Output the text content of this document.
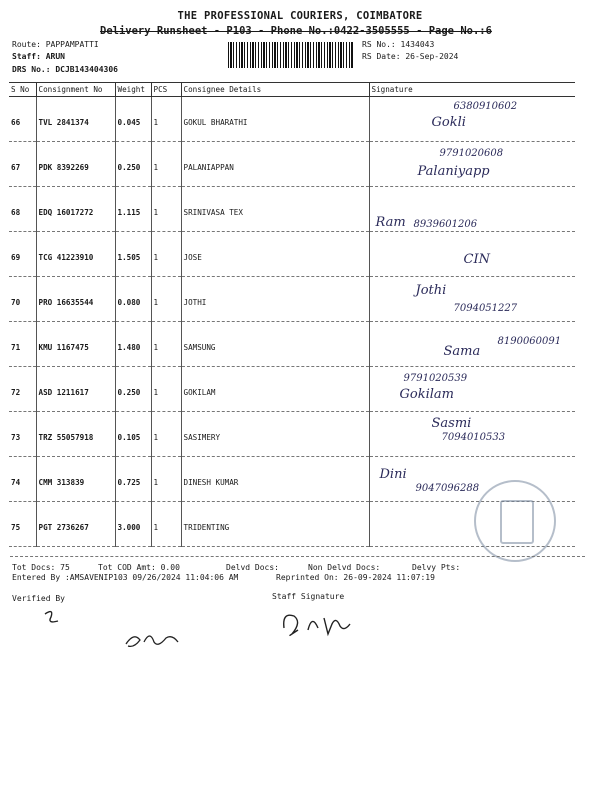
THE PROFESSIONAL COURIERS, COIMBATORE
Delivery Runsheet - P103 - Phone No.:0422-3505555 - Page No.:6
Route: PAPPAMPATTI
Staff: ARUN
DRS No.: DCJB143404306
RS No.: 1434043
RS Date: 26-Sep-2024
S No	Consignment No	Weight	PCS	Consignee Details	Signature
66	TVL 2841374	0.045	1	GOKUL BHARATHI	Gokli
6380910602

67	PDK 8392269	0.250	1	PALANIAPPAN	Palaniyapp
9791020608

68	EDQ 16017272	1.115	1	SRINIVASA TEX	Ram 8939601206

69	TCG 41223910	1.505	1	JOSE	CIN

70	PRO 16635544	0.080	1	JOTHI	Jothi
7094051227

71	KMU 1167475	1.480	1	SAMSUNG	Sama
8190060091

72	ASD 1211617	0.250	1	GOKILAM	Gokilam
9791020539

73	TRZ 55057918	0.105	1	SASIMERY	Sasmi
7094010533

74	CMM 313839	0.725	1	DINESH KUMAR	Dini
9047096288

75	PGT 2736267	3.000	1	TRIDENTING	
Tot Docs: 75	Tot COD Amt: 0.00	Delvd Docs:	Non Delvd Docs:	Delvy Pts:
Entered By :AMSAVENIP103 09/26/2024 11:04:06 AM	Reprinted On: 26-09-2024 11:07:19
Verified By	Staff Signature
